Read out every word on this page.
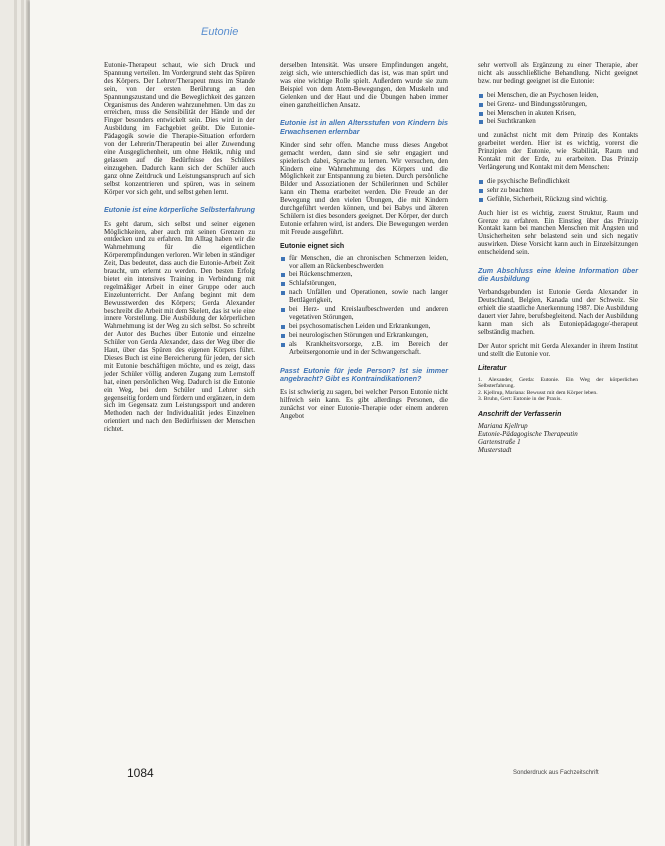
Eutonie

Eutonie-Therapeut schaut, wie sich Druck und Spannung verteilen. Im Vordergrund steht das Spüren des Körpers. Der Lehrer/Therapeut muss im Stande sein, von der ersten Berührung an den Spannungszustand und die Beweglichkeit des ganzen Organismus des Anderen wahrzunehmen. Um das zu erreichen, muss die Sensibilität der Hände und der Finger besonders entwickelt sein. Dies wird in der Ausbildung im Fachgebiet geübt. Die Eutonie-Pädagogik sowie die Therapie-Situation erfordern von der Lehrerin/Therapeutin bei aller Zuwendung eine Ausgeglichenheit, um ohne Hektik, ruhig und gelassen auf die Bedürfnisse des Schülers einzugehen. Dadurch kann sich der Schüler auch ganz ohne Zeitdruck und Leistungsanspruch auf sich selbst konzentrieren und spüren, was in seinem Körper vor sich geht, und selbst gehen lernt.

Eutonie ist eine körperliche Selbsterfahrung

Es geht darum, sich selbst und seiner eigenen Möglichkeiten, aber auch mit seinen Grenzen zu entdecken und zu erfahren. Im Alltag haben wir die Wahrnehmung für die eigentlichen Körperempfindungen verloren. Wir leben in ständiger Zeit, Das bedeutet, dass auch die Eutonie-Arbeit Zeit braucht, um erlernt zu werden. Den besten Erfolg bietet ein intensives Training in Verbindung mit regelmäßiger Arbeit in einer Gruppe oder auch Einzelunterricht. Der Anfang beginnt mit dem Bewusstwerden des Körpers; Gerda Alexander beschreibt die Arbeit mit dem Skelett, das ist wie eine innere Vorstellung. Die Ausbildung der körperlichen Wahrnehmung ist der Weg zu sich selbst. So schreibt der Autor des Buches über Eutonie und einzelne Schüler von Gerda Alexander, dass der Weg über die Haut, über das Spüren des eigenen Körpers führt. Dieses Buch ist eine Bereicherung für jeden, der sich mit Eutonie beschäftigen möchte, und es zeigt, dass jeder Schüler völlig anderen Zugang zum Lernstoff hat, einen persönlichen Weg. Dadurch ist die Eutonie ein Weg, bei dem Schüler und Lehrer sich gegenseitig fordern und fördern und ergänzen, in dem sich im Gegensatz zum Leistungssport und anderen Methoden nach der Individualität jedes Einzelnen orientiert und nach den Bedürfnissen der Menschen richtet.

derselben Intensität. Was unsere Empfindungen angeht, zeigt sich, wie unterschiedlich das ist, was man spürt und was eine wichtige Rolle spielt. Außerdem wurde sie zum Beispiel von dem Atem-Bewegungen, den Muskeln und Gelenken und der Haut und die Übungen haben immer einen ganzheitlichen Ansatz.

Eutonie ist in allen Altersstufen von Kindern bis Erwachsenen erlernbar

Kinder sind sehr offen. Manche muss dieses Angebot gemacht werden, dann sind sie sehr engagiert und spielerisch dabei, Sprache zu lernen. Wir versuchen, den Kindern eine Wahrnehmung des Körpers und die Möglichkeit zur Entspannung zu bieten. Durch persönliche Bilder und Assoziationen der Schülerinnen und Schüler kann ein Thema erarbeitet werden. Die Freude an der Bewegung und den vielen Übungen, die mit Kindern durchgeführt werden können, und bei Babys und älteren Schülern ist dies besonders geeignet. Der Körper, der durch Eutonie erfahren wird, ist anders. Die Bewegungen werden mit Freude ausgeführt.

Eutonie eignet sich
für Menschen, die an chronischen Schmerzen leiden, vor allem an Rückenbeschwerden
bei Rückenschmerzen,
Schlafstörungen,
nach Unfällen und Operationen, sowie nach langer Bettlägerigkeit,
bei Herz- und Kreislaufbeschwerden und anderen vegetativen Störungen,
bei psychosomatischen Leiden und Erkrankungen,
bei neurologischen Störungen und Erkrankungen,
als Krankheitsvorsorge, z.B. im Bereich der Arbeitsergonomie und in der Schwangerschaft.
Passt Eutonie für jede Person? Ist sie immer angebracht? Gibt es Kontraindikationen?

Es ist schwierig zu sagen, bei welcher Person Eutonie nicht hilfreich sein kann. Es gibt allerdings Personen, die zunächst vor einer Eutonie-Therapie oder einem anderen Angebot

sehr wertvoll als Ergänzung zu einer Therapie, aber nicht als ausschließliche Behandlung. Nicht geeignet bzw. nur bedingt geeignet ist die Eutonie:

bei Menschen, die an Psychosen leiden,
bei Grenz- und Bindungsstörungen,
bei Menschen in akuten Krisen,
bei Suchtkranken

und zunächst nicht mit dem Prinzip des Kontakts gearbeitet werden. Hier ist es wichtig, vorerst die Prinzipien der Eutonie, wie Stabilität, Raum und Kontakt mit der Erde, zu erarbeiten. Das Prinzip Verlängerung und Kontakt mit dem Menschen:

die psychische Befindlichkeit
sehr zu beachten
Gefühle, Sicherheit, Rückzug sind wichtig.

Auch hier ist es wichtig, zuerst Struktur, Raum und Grenze zu erfahren. Ein Einstieg über das Prinzip Kontakt kann bei manchen Menschen mit Ängsten und Unsicherheiten sehr belastend sein und sich negativ auswirken. Diese Vorsicht kann auch in Einzelsitzungen entscheidend sein.

Zum Abschluss eine kleine Information über die Ausbildung

Verbandsgebunden ist Eutonie Gerda Alexander in Deutschland, Belgien, Kanada und der Schweiz. Sie erhielt die staatliche Anerkennung 1987. Die Ausbildung dauert vier Jahre, berufsbegleitend. Nach der Ausbildung kann man sich als Eutoniepädagoge/-therapeut selbständig machen.

Der Autor spricht mit Gerda Alexander in ihrem Institut und stellt die Eutonie vor.

Literatur
1. Alexander, Gerda: Eutonie. Ein Weg der körperlichen Selbsterfahrung.
2. Kjellrup, Mariana: Bewusst mit dem Körper leben.
3. Bruhn, Gert: Eutonie in der Praxis.
Anschrift der Verfasserin
Mariana Kjellrup
Eutonie-Pädagogische Therapeutin
Gartenstraße 1
Musterstadt
1084	Sonderdruck aus Fachzeitschrift
